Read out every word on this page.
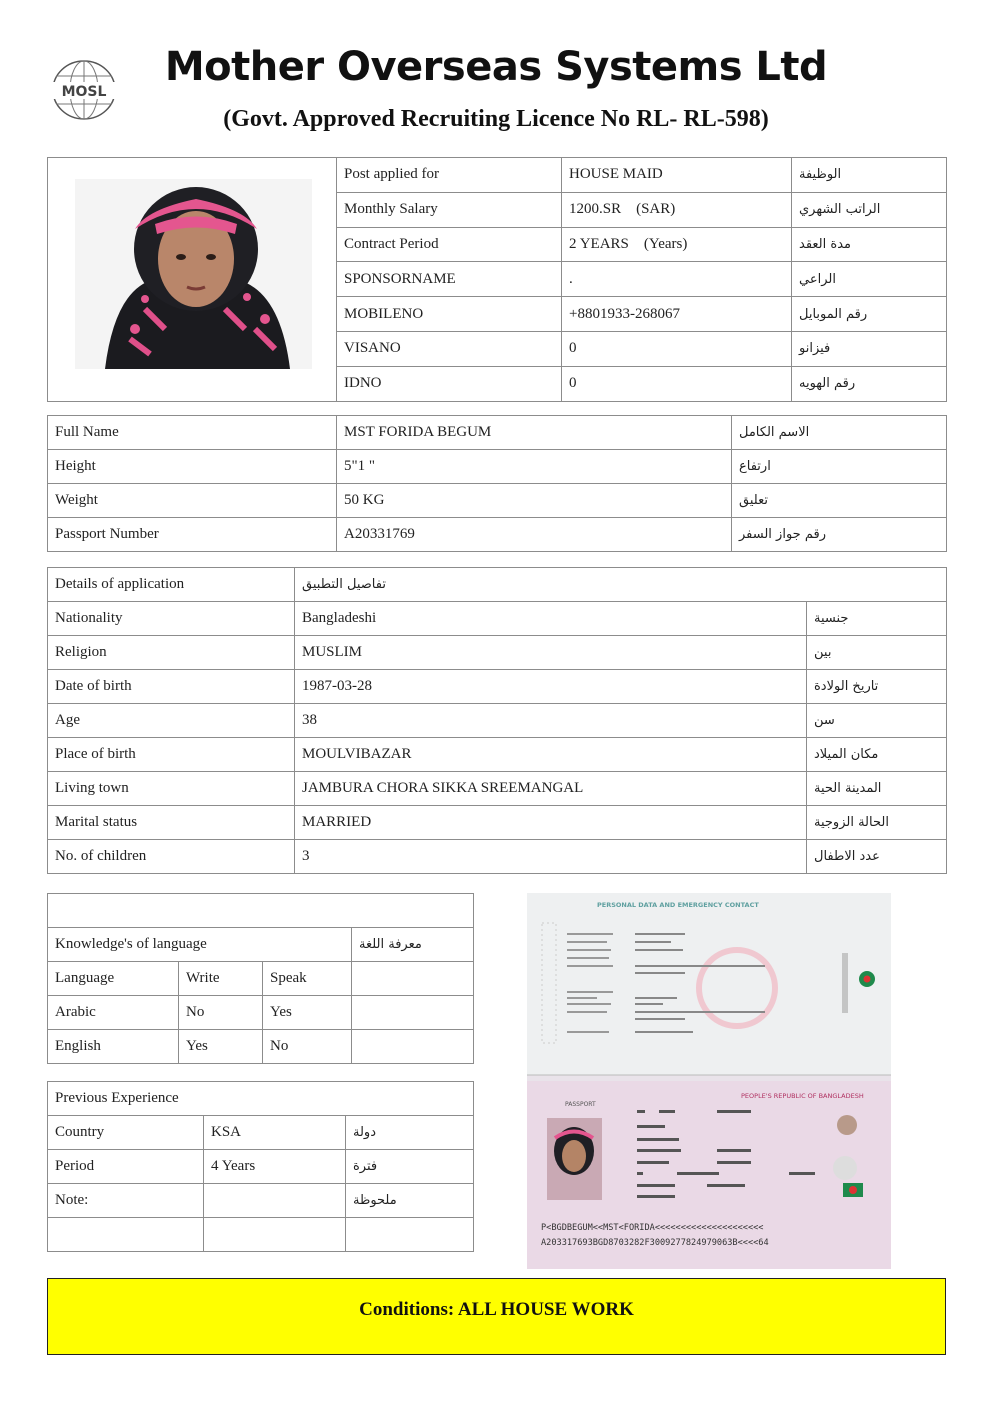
MOSL
Mother Overseas Systems Ltd
(Govt. Approved Recruiting Licence No RL- RL-598)
	Post applied for	HOUSE MAID	الوظيفة
	Monthly Salary	1200.SR    (SAR)	الراتب الشهري
	Contract Period	2 YEARS    (Years)	مدة العقد
	SPONSORNAME	.	الراعي
	MOBILENO	+8801933-268067	رقم الموبايل
	VISANO	0	فيزانو
	IDNO	0	رقم الهويه
Full Name	MST FORIDA BEGUM	الاسم الكامل
Height	5"1 "	ارتفاع
Weight	50 KG	تعليق
Passport Number	A20331769	رقم جواز السفر
Details of application	تفاصيل التطبيق	
Nationality	Bangladeshi	جنسية
Religion	MUSLIM	بين
Date of birth	1987-03-28	تاريخ الولادة
Age	38	سن
Place of birth	MOULVIBAZAR	مكان الميلاد
Living town	JAMBURA CHORA SIKKA SREEMANGAL	المدينة الحية
Marital status	MARRIED	الحالة الزوجية
No. of children	3	عدد الاطفال

Knowledge's of language			معرفة اللغة
Language	Write	Speak	
Arabic	No	Yes	
English	Yes	No	
Previous Experience		
Country	KSA	دولة
Period	4 Years	فترة
Note:		ملحوظة

PERSONAL DATA AND EMERGENCY CONTACT
PASSPORT
PEOPLE'S REPUBLIC OF BANGLADESH
P<BGDBEGUM<<MST<FORIDA<<<<<<<<<<<<<<<<<<<<<
A203317693BGD8703282F3009277824979063B<<<<64
Conditions: ALL HOUSE WORK
